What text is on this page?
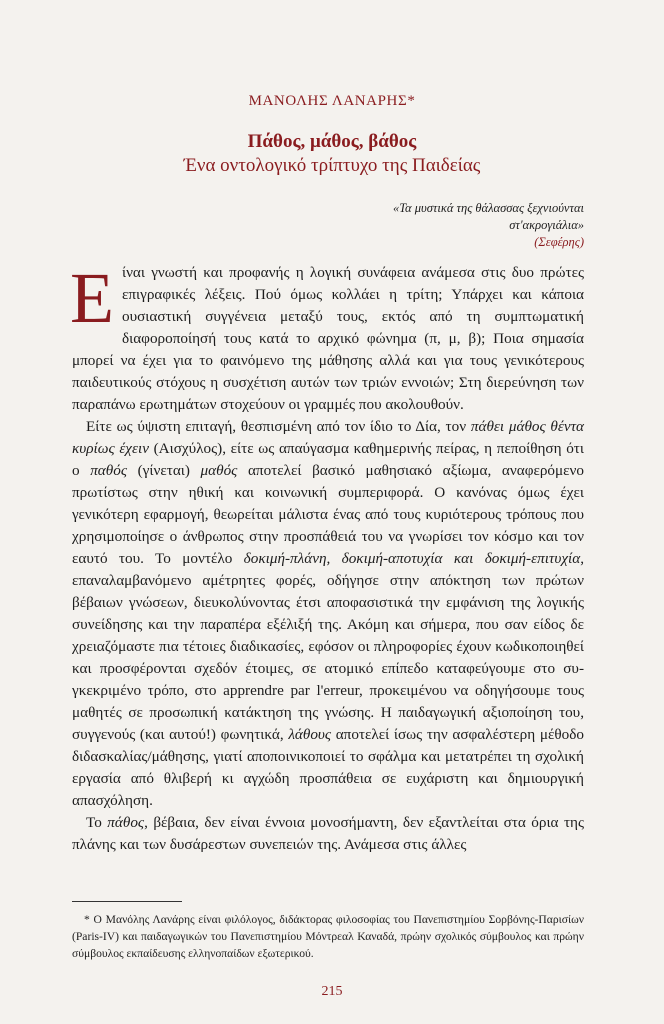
ΜΑΝΟΛΗΣ ΛΑΝΑΡΗΣ*
Πάθος, μάθος, βάθος
Ένα οντολογικό τρίπτυχο της Παιδείας
«Τα μυστικά της θάλασσας ξεχνιούνται
στ'ακρογιάλια»
(Σεφέρης)

Είναι γνωστή και προφανής η λογική συνάφεια ανάμεσα στις δυο πρώτες επιγραφικές λέξεις. Πού όμως κολλάει η τρίτη; Υπάρχει και κάποια ουσιαστική συγγένεια μεταξύ τους, εκτός από τη συμπτωματική διαφοροποίησή τους κατά το αρχικό φώνημα (π, μ, β); Ποια σημασία μπορεί να έχει για το φαινόμενο της μάθησης αλλά και για τους γενικότερους παιδευτικούς στόχους η συσχέτιση αυτών των τριών εννοιών; Στη διερεύνηση των παραπάνω ερωτημάτων στοχεύουν οι γραμμές που ακολουθούν.

Είτε ως ύψιστη επιταγή, θεσπισμένη από τον ίδιο το Δία, τον πάθει μάθος θέντα κυρίως έχειν (Αισχύλος), είτε ως απαύγασμα καθημερινής πείρας, η πεποίθηση ότι ο παθός (γίνεται) μαθός αποτελεί βασικό μαθησιακό αξίωμα, αναφερόμενο πρωτίστως στην ηθική και κοινωνική συμπεριφορά. Ο κανόνας όμως έχει γενικότερη εφαρμογή, θεωρείται μάλιστα ένας από τους κυριότερους τρόπους που χρησιμοποίησε ο άνθρωπος στην προσπάθειά του να γνωρίσει τον κόσμο και τον εαυτό του. Το μοντέλο δοκιμή-πλάνη, δοκιμή-αποτυχία και δοκιμή-επιτυχία, επαναλαμβανόμενο αμέτρητες φορές, οδήγησε στην απόκτηση των πρώτων βέβαιων γνώσεων, διευκολύνοντας έτσι αποφασιστικά την εμφάνιση της λογικής συνείδησης και την παραπέρα εξέλιξή της. Ακόμη και σήμερα, που σαν είδος δε χρειαζόμαστε πια τέτοιες διαδικασίες, εφόσον οι πληροφορίες έχουν κωδικοποιηθεί και προσφέρονται σχεδόν έτοιμες, σε ατομικό επίπεδο καταφεύγουμε στο συγκεκριμένο τρόπο, στο apprendre par l'erreur, προκειμένου να οδηγήσουμε τους μαθητές σε προσωπική κατάκτηση της γνώσης. Η παιδαγωγική αξιοποίηση του, συγγενούς (και αυτού!) φωνητικά, λάθους αποτελεί ίσως την ασφαλέστερη μέθοδο διδασκαλίας/μάθησης, γιατί αποποινικοποιεί το σφάλμα και μετατρέπει τη σχολική εργασία από θλιβερή κι αγχώδη προσπάθεια σε ευχάριστη και δημιουργική απασχόληση.

Το πάθος, βέβαια, δεν είναι έννοια μονοσήμαντη, δεν εξαντλείται στα όρια της πλάνης και των δυσάρεστων συνεπειών της. Ανάμεσα στις άλλες

* Ο Μανόλης Λανάρης είναι φιλόλογος, διδάκτορας φιλοσοφίας του Πανεπιστημίου Σορβόνης-Παρισίων (Paris-IV) και παιδαγωγικών του Πανεπιστημίου Μόντρεαλ Καναδά, πρώην σχολικός σύμβουλος και πρώην σύμβουλος εκπαίδευσης ελληνοπαίδων εξωτερικού.
215
